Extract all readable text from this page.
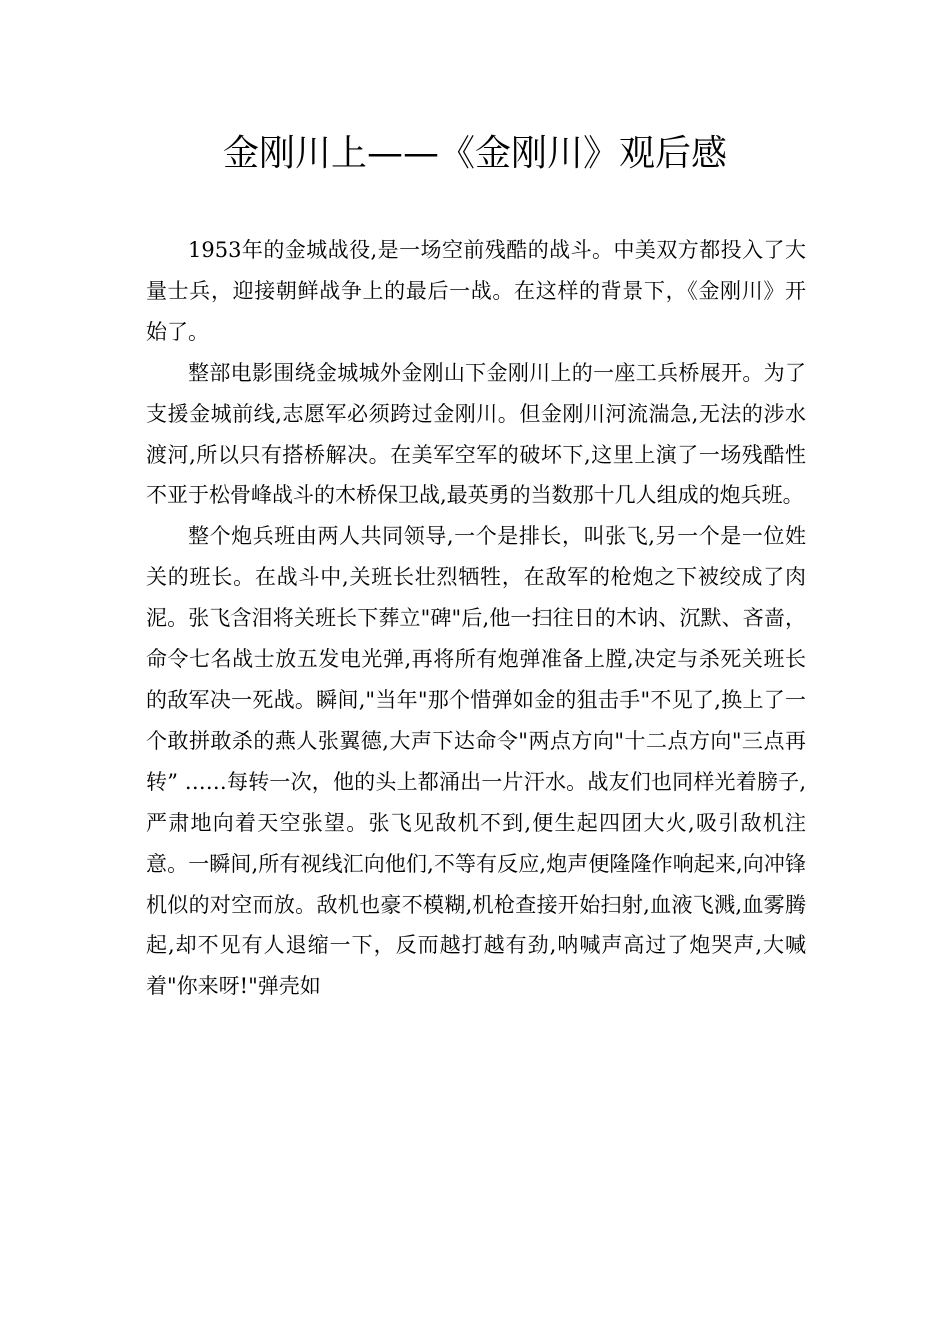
金刚川上——《金刚川》观后感

1953年的金城战役,是一场空前残酷的战斗。中美双方都投入了大量士兵，迎接朝鲜战争上的最后一战。在这样的背景下，《金刚川》开始了。

整部电影围绕金城城外金刚山下金刚川上的一座工兵桥展开。为了支援金城前线,志愿军必须跨过金刚川。但金刚川河流湍急,无法的涉水渡河,所以只有搭桥解决。在美军空军的破坏下,这里上演了一场残酷性不亚于松骨峰战斗的木桥保卫战,最英勇的当数那十几人组成的炮兵班。

整个炮兵班由两人共同领导,一个是排长，叫张飞,另一个是一位姓关的班长。在战斗中,关班长壮烈牺牲，在敌军的枪炮之下被绞成了肉泥。张飞含泪将关班长下葬立"碑"后,他一扫往日的木讷、沉默、吝啬，命令七名战士放五发电光弹,再将所有炮弹准备上膛,决定与杀死关班长的敌军决一死战。瞬间,"当年"那个惜弹如金的狙击手"不见了,换上了一个敢拼敢杀的燕人张翼德,大声下达命令"两点方向"十二点方向"三点再转” ……每转一次，他的头上都涌出一片汗水。战友们也同样光着膀子,严肃地向着天空张望。张飞见敌机不到,便生起四团大火,吸引敌机注意。一瞬间,所有视线汇向他们,不等有反应,炮声便隆隆作响起来,向冲锋机似的对空而放。敌机也豪不模糊,机枪查接开始扫射,血液飞溅,血雾腾起,却不见有人退缩一下，反而越打越有劲,呐喊声高过了炮哭声,大喊着"你来呀!"弹壳如
